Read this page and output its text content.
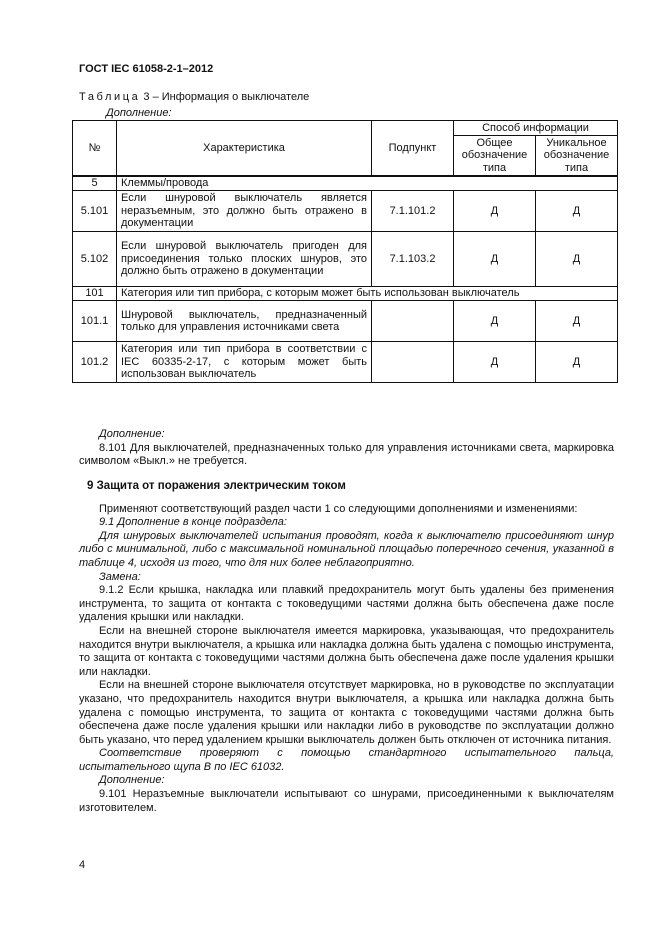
ГОСТ IEC 61058-2-1–2012
Таблица 3 – Информация о выключателе
Дополнение:
№	Характеристика	Подпункт	Способ информации	
			Общее обозначение типа	Уникальное обозначение типа
5	Клеммы/провода			
5.101	Если шнуровой выключатель является неразъемным, это должно быть отражено в документации	7.1.101.2	Д	Д
5.102	Если шнуровой выключатель пригоден для присоединения только плоских шнуров, это должно быть отражено в документации	7.1.103.2	Д	Д
101	Категория или тип прибора, с которым может быть использован выключатель			
101.1	Шнуровой выключатель, предназначенный только для управления источниками света		Д	Д
101.2	Категория или тип прибора в соответствии с IEC 60335-2-17, с которым может быть использован выключатель		Д	Д

Дополнение:

8.101 Для выключателей, предназначенных только для управления источниками света, маркировка символом «Выкл.» не требуется.

9 Защита от поражения электрическим током

Применяют соответствующий раздел части 1 со следующими дополнениями и изменениями:

9.1 Дополнение в конце подраздела:

Для шнуровых выключателей испытания проводят, когда к выключателю присоединяют шнур либо с минимальной, либо с максимальной номинальной площадью поперечного сечения, указанной в таблице 4, исходя из того, что для них более неблагоприятно.

Замена:

9.1.2 Если крышка, накладка или плавкий предохранитель могут быть удалены без применения инструмента, то защита от контакта с токоведущими частями должна быть обеспечена даже после удаления крышки или накладки.

Если на внешней стороне выключателя имеется маркировка, указывающая, что предохранитель находится внутри выключателя, а крышка или накладка должна быть удалена с помощью инструмента, то защита от контакта с токоведущими частями должна быть обеспечена даже после удаления крышки или накладки.

Если на внешней стороне выключателя отсутствует маркировка, но в руководстве по эксплуатации указано, что предохранитель находится внутри выключателя, а крышка или накладка должна быть удалена с помощью инструмента, то защита от контакта с токоведущими частями должна быть обеспечена даже после удаления крышки или накладки либо в руководстве по эксплуатации должно быть указано, что перед удалением крышки выключатель должен быть отключен от источника питания.

Соответствие проверяют с помощью стандартного испытательного пальца, испытательного щупа B по IEC 61032.

Дополнение:

9.101 Неразъемные выключатели испытывают со шнурами, присоединенными к выключателям изготовителем.

4
